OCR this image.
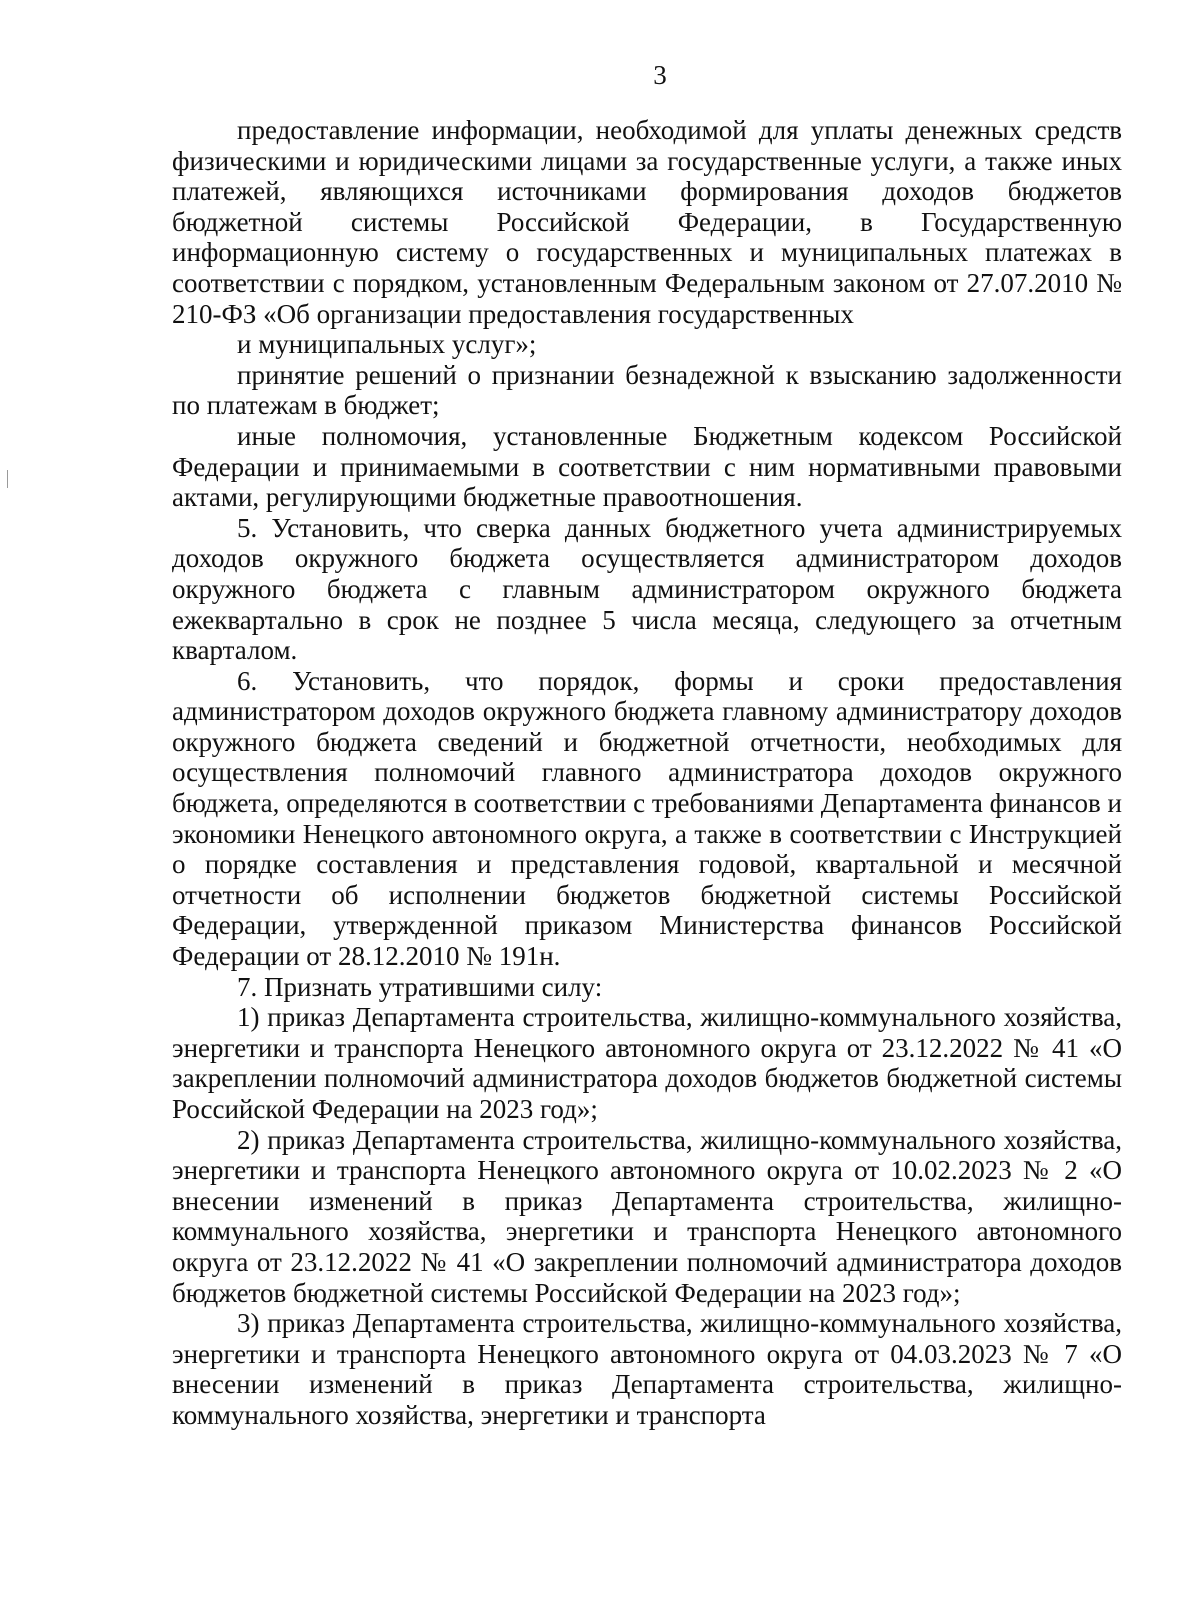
3

предоставление информации, необходимой для уплаты денежных средств физическими и юридическими лицами за государственные услуги, а также иных платежей, являющихся источниками формирования доходов бюджетов бюджетной системы Российской Федерации, в Государственную информационную систему о государственных и муниципальных платежах в соответствии с порядком, установленным Федеральным законом от 27.07.2010 № 210-ФЗ «Об организации предоставления государственных

и муниципальных услуг»;

принятие решений о признании безнадежной к взысканию задолженности по платежам в бюджет;

иные полномочия, установленные Бюджетным кодексом Российской Федерации и принимаемыми в соответствии с ним нормативными правовыми актами, регулирующими бюджетные правоотношения.

5. Установить, что сверка данных бюджетного учета администрируемых доходов окружного бюджета осуществляется администратором доходов окружного бюджета с главным администратором окружного бюджета ежеквартально в срок не позднее 5 числа месяца, следующего за отчетным кварталом.

6. Установить, что порядок, формы и сроки предоставления администратором доходов окружного бюджета главному администратору доходов окружного бюджета сведений и бюджетной отчетности, необходимых для осуществления полномочий главного администратора доходов окружного бюджета, определяются в соответствии с требованиями Департамента финансов и экономики Ненецкого автономного округа, а также в соответствии с Инструкцией о порядке составления и представления годовой, квартальной и месячной отчетности об исполнении бюджетов бюджетной системы Российской Федерации, утвержденной приказом Министерства финансов Российской Федерации от 28.12.2010 № 191н.

7. Признать утратившими силу:

1) приказ Департамента строительства, жилищно-коммунального хозяйства, энергетики и транспорта Ненецкого автономного округа от 23.12.2022 № 41 «О закреплении полномочий администратора доходов бюджетов бюджетной системы Российской Федерации на 2023 год»;

2) приказ Департамента строительства, жилищно-коммунального хозяйства, энергетики и транспорта Ненецкого автономного округа от 10.02.2023 № 2 «О внесении изменений в приказ Департамента строительства, жилищно-коммунального хозяйства, энергетики и транспорта Ненецкого автономного округа от 23.12.2022 № 41 «О закреплении полномочий администратора доходов бюджетов бюджетной системы Российской Федерации на 2023 год»;

3) приказ Департамента строительства, жилищно-коммунального хозяйства, энергетики и транспорта Ненецкого автономного округа от 04.03.2023 № 7 «О внесении изменений в приказ Департамента строительства, жилищно-коммунального хозяйства, энергетики и транспорта
